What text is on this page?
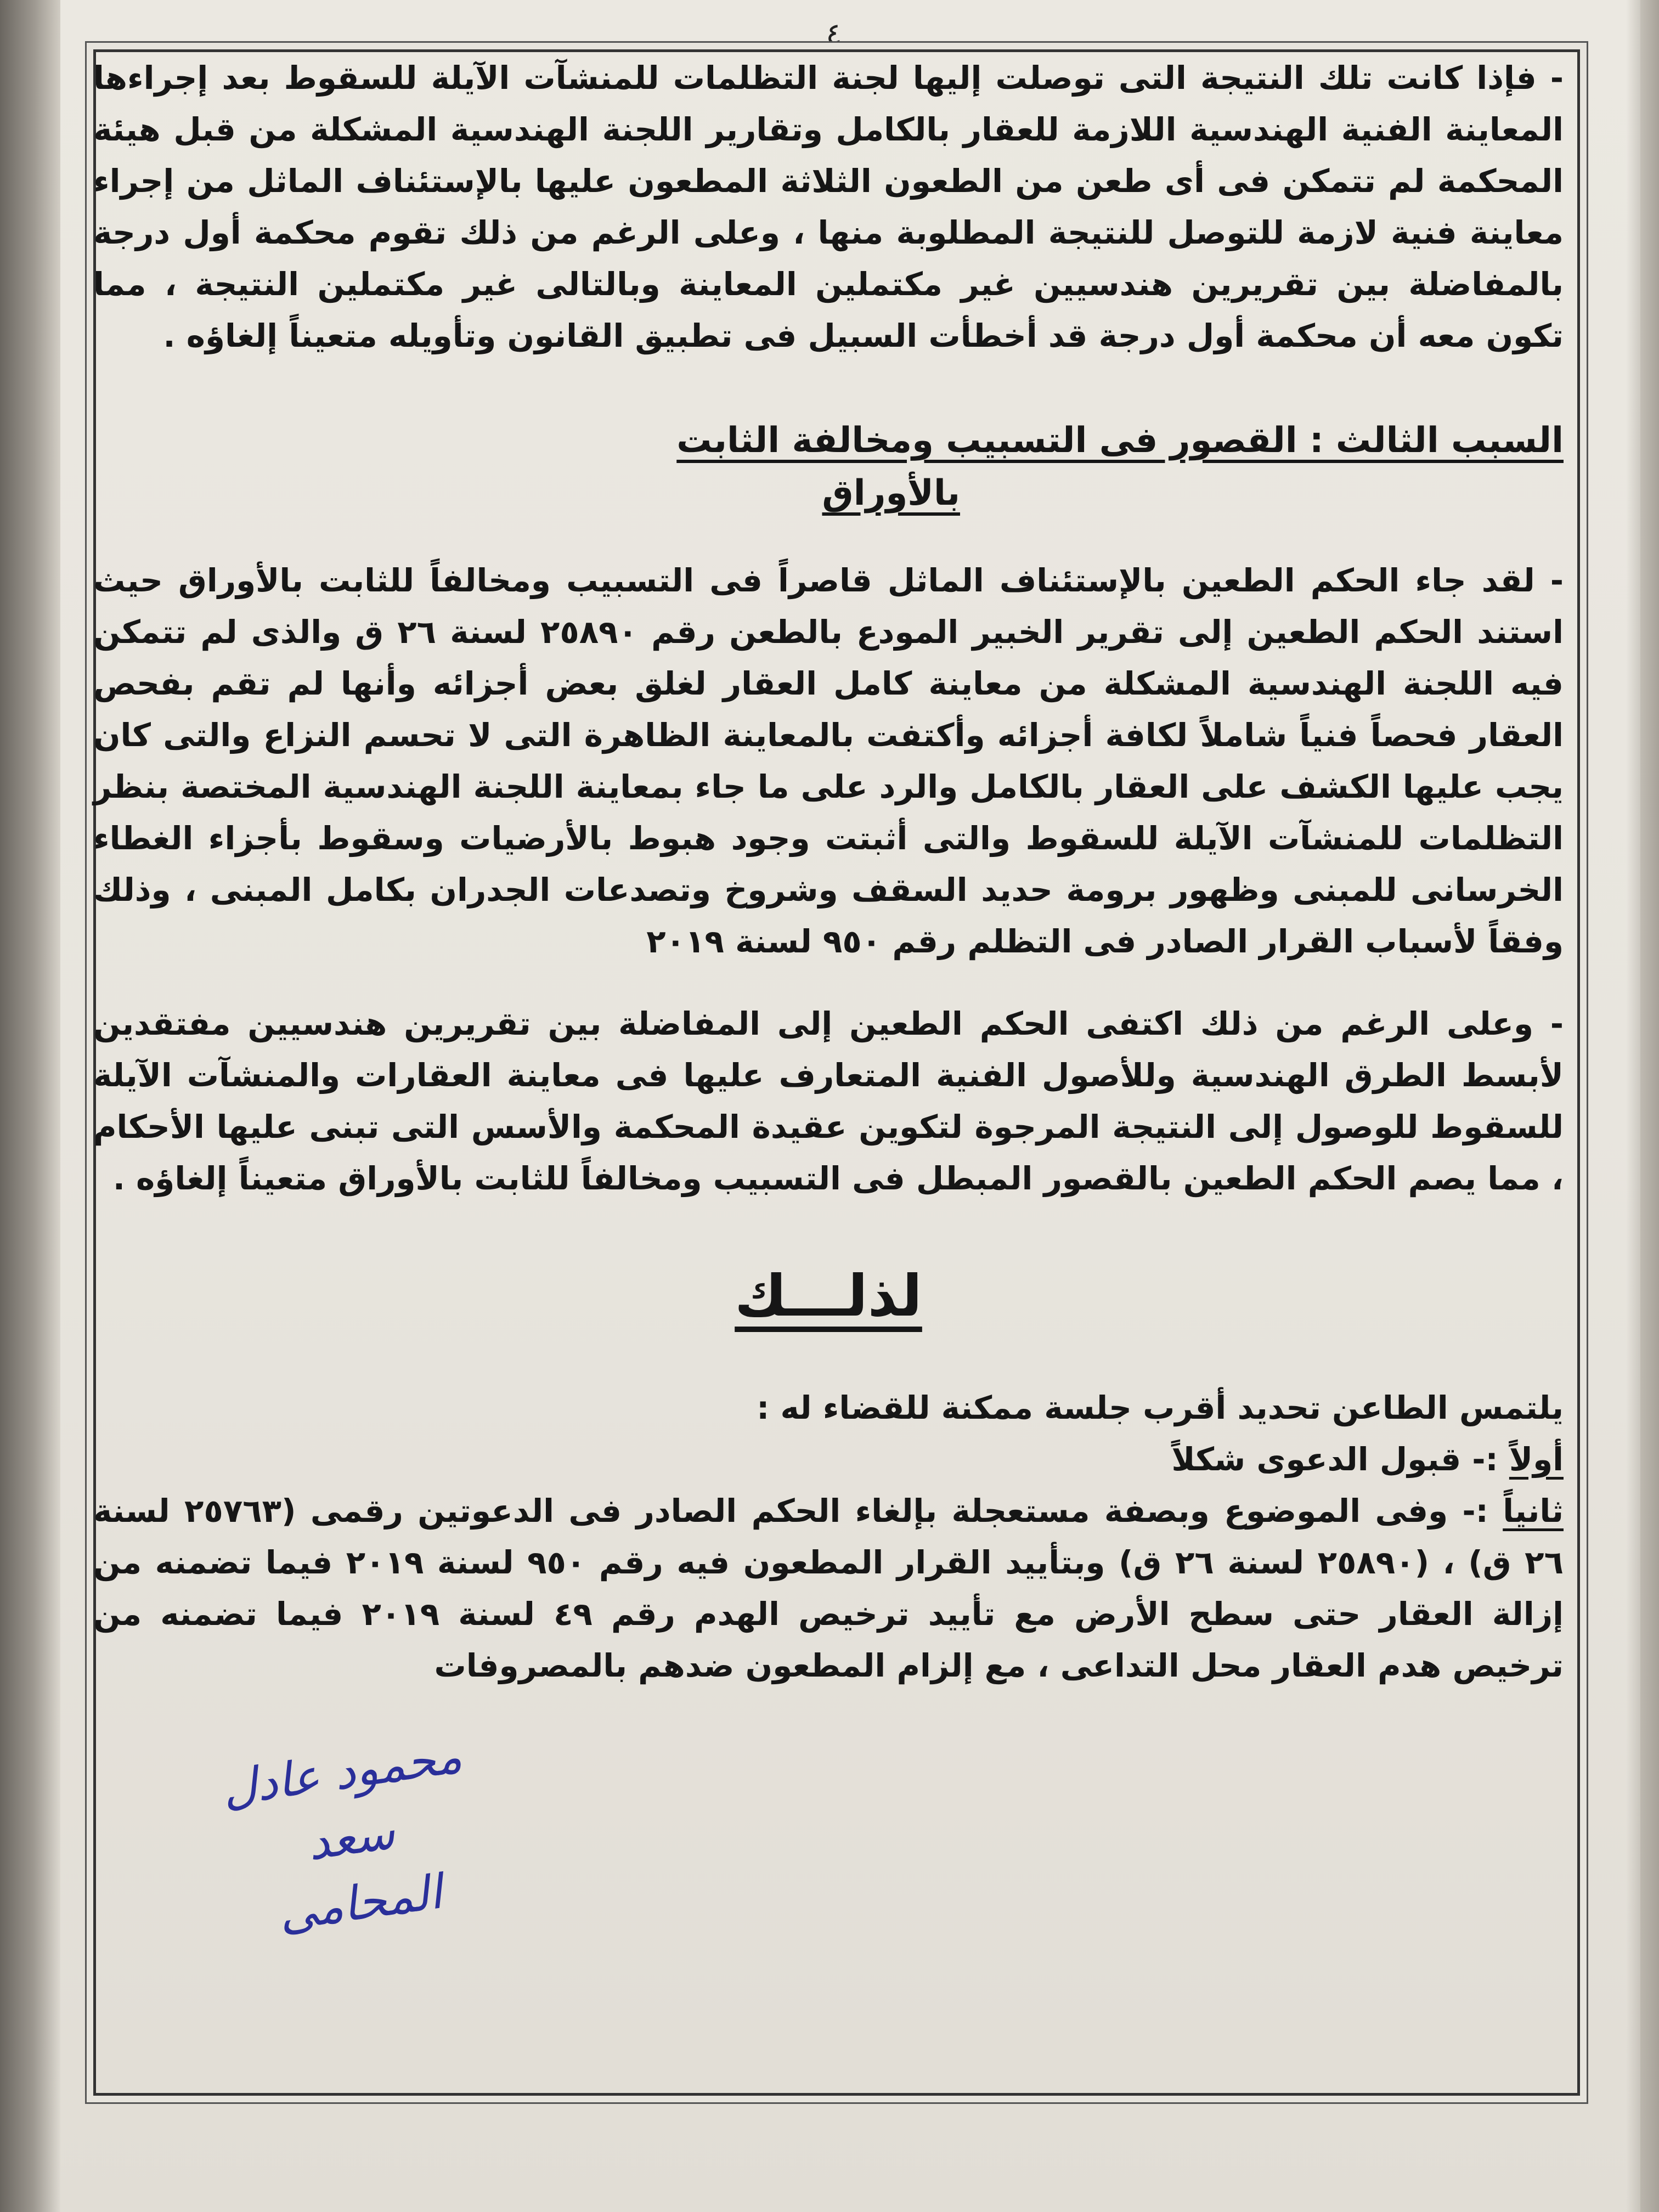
٤

- فإذا كانت تلك النتيجة التى توصلت إليها لجنة التظلمات للمنشآت الآيلة للسقوط بعد إجراءها المعاينة الفنية الهندسية اللازمة للعقار بالكامل وتقارير اللجنة الهندسية المشكلة من قبل هيئة المحكمة لم تتمكن فى أى طعن من الطعون الثلاثة المطعون عليها بالإستئناف الماثل من إجراء معاينة فنية لازمة للتوصل للنتيجة المطلوبة منها ، وعلى الرغم من ذلك تقوم محكمة أول درجة بالمفاضلة بين تقريرين هندسيين غير مكتملين المعاينة وبالتالى غير مكتملين النتيجة ، مما تكون معه أن محكمة أول درجة قد أخطأت السبيل فى تطبيق القانون وتأويله متعيناً إلغاؤه .

السبب الثالث : القصور فى التسبيب ومخالفة الثابت
بالأوراق

- لقد جاء الحكم الطعين بالإستئناف الماثل قاصراً فى التسبيب ومخالفاً للثابت بالأوراق حيث استند الحكم الطعين إلى تقرير الخبير المودع بالطعن رقم ٢٥٨٩٠ لسنة ٢٦ ق والذى لم تتمكن فيه اللجنة الهندسية المشكلة من معاينة كامل العقار لغلق بعض أجزائه وأنها لم تقم بفحص العقار فحصاً فنياً شاملاً لكافة أجزائه وأكتفت بالمعاينة الظاهرة التى لا تحسم النزاع والتى كان يجب عليها الكشف على العقار بالكامل والرد على ما جاء بمعاينة اللجنة الهندسية المختصة بنظر التظلمات للمنشآت الآيلة للسقوط والتى أثبتت وجود هبوط بالأرضيات وسقوط بأجزاء الغطاء الخرسانى للمبنى وظهور برومة حديد السقف وشروخ وتصدعات الجدران بكامل المبنى ، وذلك وفقاً لأسباب القرار الصادر فى التظلم رقم ٩٥٠ لسنة ٢٠١٩

- وعلى الرغم من ذلك اكتفى الحكم الطعين إلى المفاضلة بين تقريرين هندسيين مفتقدين لأبسط الطرق الهندسية وللأصول الفنية المتعارف عليها فى معاينة العقارات والمنشآت الآيلة للسقوط للوصول إلى النتيجة المرجوة لتكوين عقيدة المحكمة والأسس التى تبنى عليها الأحكام ، مما يصم الحكم الطعين بالقصور المبطل فى التسبيب ومخالفاً للثابت بالأوراق متعيناً إلغاؤه .

لذلـــك

يلتمس الطاعن تحديد أقرب جلسة ممكنة للقضاء له :

أولاً :- قبول الدعوى شكلاً

ثانياً :- وفى الموضوع وبصفة مستعجلة بإلغاء الحكم الصادر فى الدعوتين رقمى (٢٥٧٦٣ لسنة ٢٦ ق) ، (٢٥٨٩٠ لسنة ٢٦ ق) وبتأييد القرار المطعون فيه رقم ٩٥٠ لسنة ٢٠١٩ فيما تضمنه من إزالة العقار حتى سطح الأرض مع تأييد ترخيص الهدم رقم ٤٩ لسنة ٢٠١٩ فيما تضمنه من ترخيص هدم العقار محل التداعى ، مع إلزام المطعون ضدهم بالمصروفات

محمود عادل سعد
المحامى
